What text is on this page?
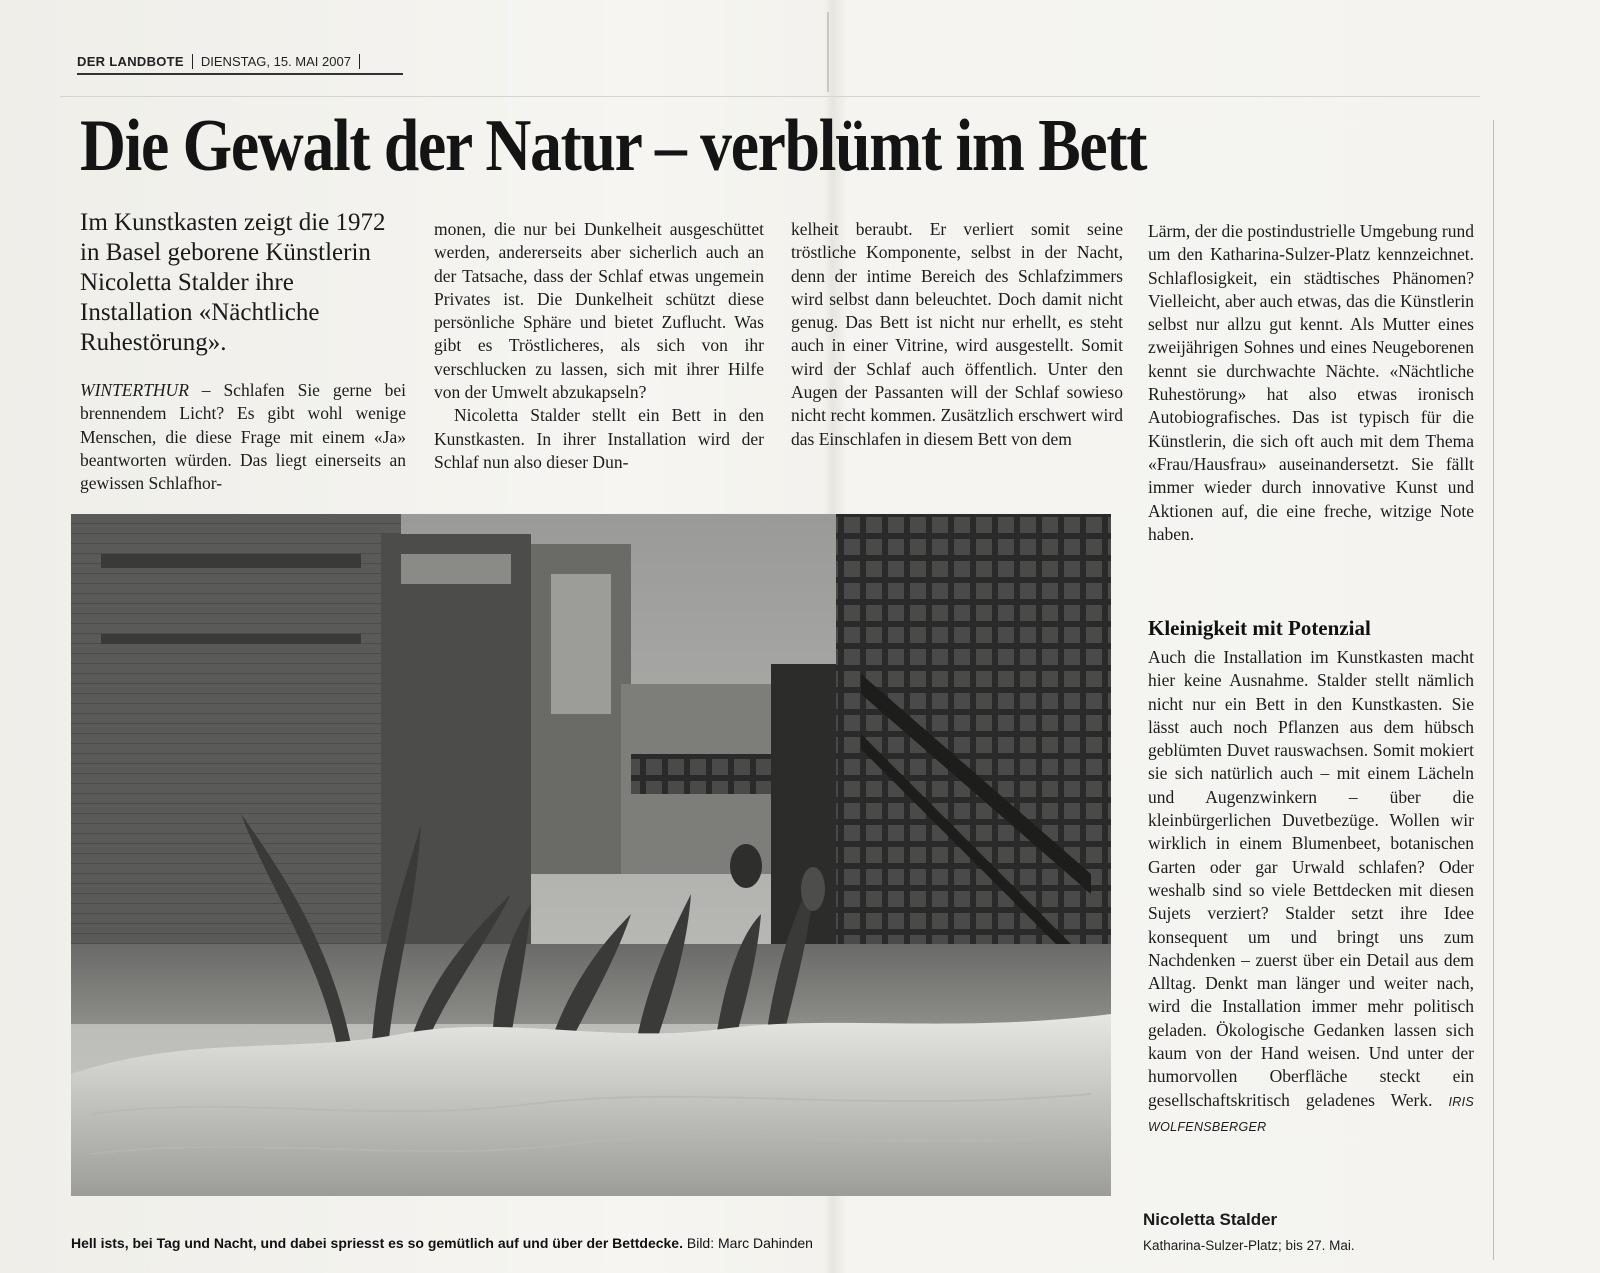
DER LANDBOTE	DIENSTAG, 15. MAI 2007
Die Gewalt der Natur – verblümt im Bett

Im Kunstkasten zeigt die 1972 in Basel geborene Künstlerin Nicoletta Stalder ihre Installation «Nächtliche Ruhestörung».

WINTERTHUR – Schlafen Sie gerne bei brennendem Licht? Es gibt wohl wenige Menschen, die diese Frage mit einem «Ja» beantworten würden. Das liegt einerseits an gewissen Schlafhor-

monen, die nur bei Dunkelheit ausgeschüttet werden, andererseits aber sicherlich auch an der Tatsache, dass der Schlaf etwas ungemein Privates ist. Die Dunkelheit schützt diese persönliche Sphäre und bietet Zuflucht. Was gibt es Tröstlicheres, als sich von ihr verschlucken zu lassen, sich mit ihrer Hilfe von der Umwelt abzukapseln?

Nicoletta Stalder stellt ein Bett in den Kunstkasten. In ihrer Installation wird der Schlaf nun also dieser Dun-

kelheit beraubt. Er verliert somit seine tröstliche Komponente, selbst in der Nacht, denn der intime Bereich des Schlafzimmers wird selbst dann beleuchtet. Doch damit nicht genug. Das Bett ist nicht nur erhellt, es steht auch in einer Vitrine, wird ausgestellt. Somit wird der Schlaf auch öffentlich. Unter den Augen der Passanten will der Schlaf sowieso nicht recht kommen. Zusätzlich erschwert wird das Einschlafen in diesem Bett von dem

Lärm, der die postindustrielle Umgebung rund um den Katharina-Sulzer-Platz kennzeichnet. Schlaflosigkeit, ein städtisches Phänomen? Vielleicht, aber auch etwas, das die Künstlerin selbst nur allzu gut kennt. Als Mutter eines zweijährigen Sohnes und eines Neugeborenen kennt sie durchwachte Nächte. «Nächtliche Ruhestörung» hat also etwas ironisch Autobiografisches. Das ist typisch für die Künstlerin, die sich oft auch mit dem Thema «Frau/Hausfrau» auseinandersetzt. Sie fällt immer wieder durch innovative Kunst und Aktionen auf, die eine freche, witzige Note haben.

Kleinigkeit mit Potenzial

Auch die Installation im Kunstkasten macht hier keine Ausnahme. Stalder stellt nämlich nicht nur ein Bett in den Kunstkasten. Sie lässt auch noch Pflanzen aus dem hübsch geblümten Duvet rauswachsen. Somit mokiert sie sich natürlich auch – mit einem Lächeln und Augenzwinkern – über die kleinbürgerlichen Duvetbezüge. Wollen wir wirklich in einem Blumenbeet, botanischen Garten oder gar Urwald schlafen? Oder weshalb sind so viele Bettdecken mit diesen Sujets verziert? Stalder setzt ihre Idee konsequent um und bringt uns zum Nachdenken – zuerst über ein Detail aus dem Alltag. Denkt man länger und weiter nach, wird die Installation immer mehr politisch geladen. Ökologische Gedanken lassen sich kaum von der Hand weisen. Und unter der humorvollen Oberfläche steckt ein gesellschaftskritisch geladenes Werk. IRIS WOLFENSBERGER

Hell ists, bei Tag und Nacht, und dabei spriesst es so gemütlich auf und über der Bettdecke. Bild: Marc Dahinden

Nicoletta Stalder

Katharina-Sulzer-Platz; bis 27. Mai.
